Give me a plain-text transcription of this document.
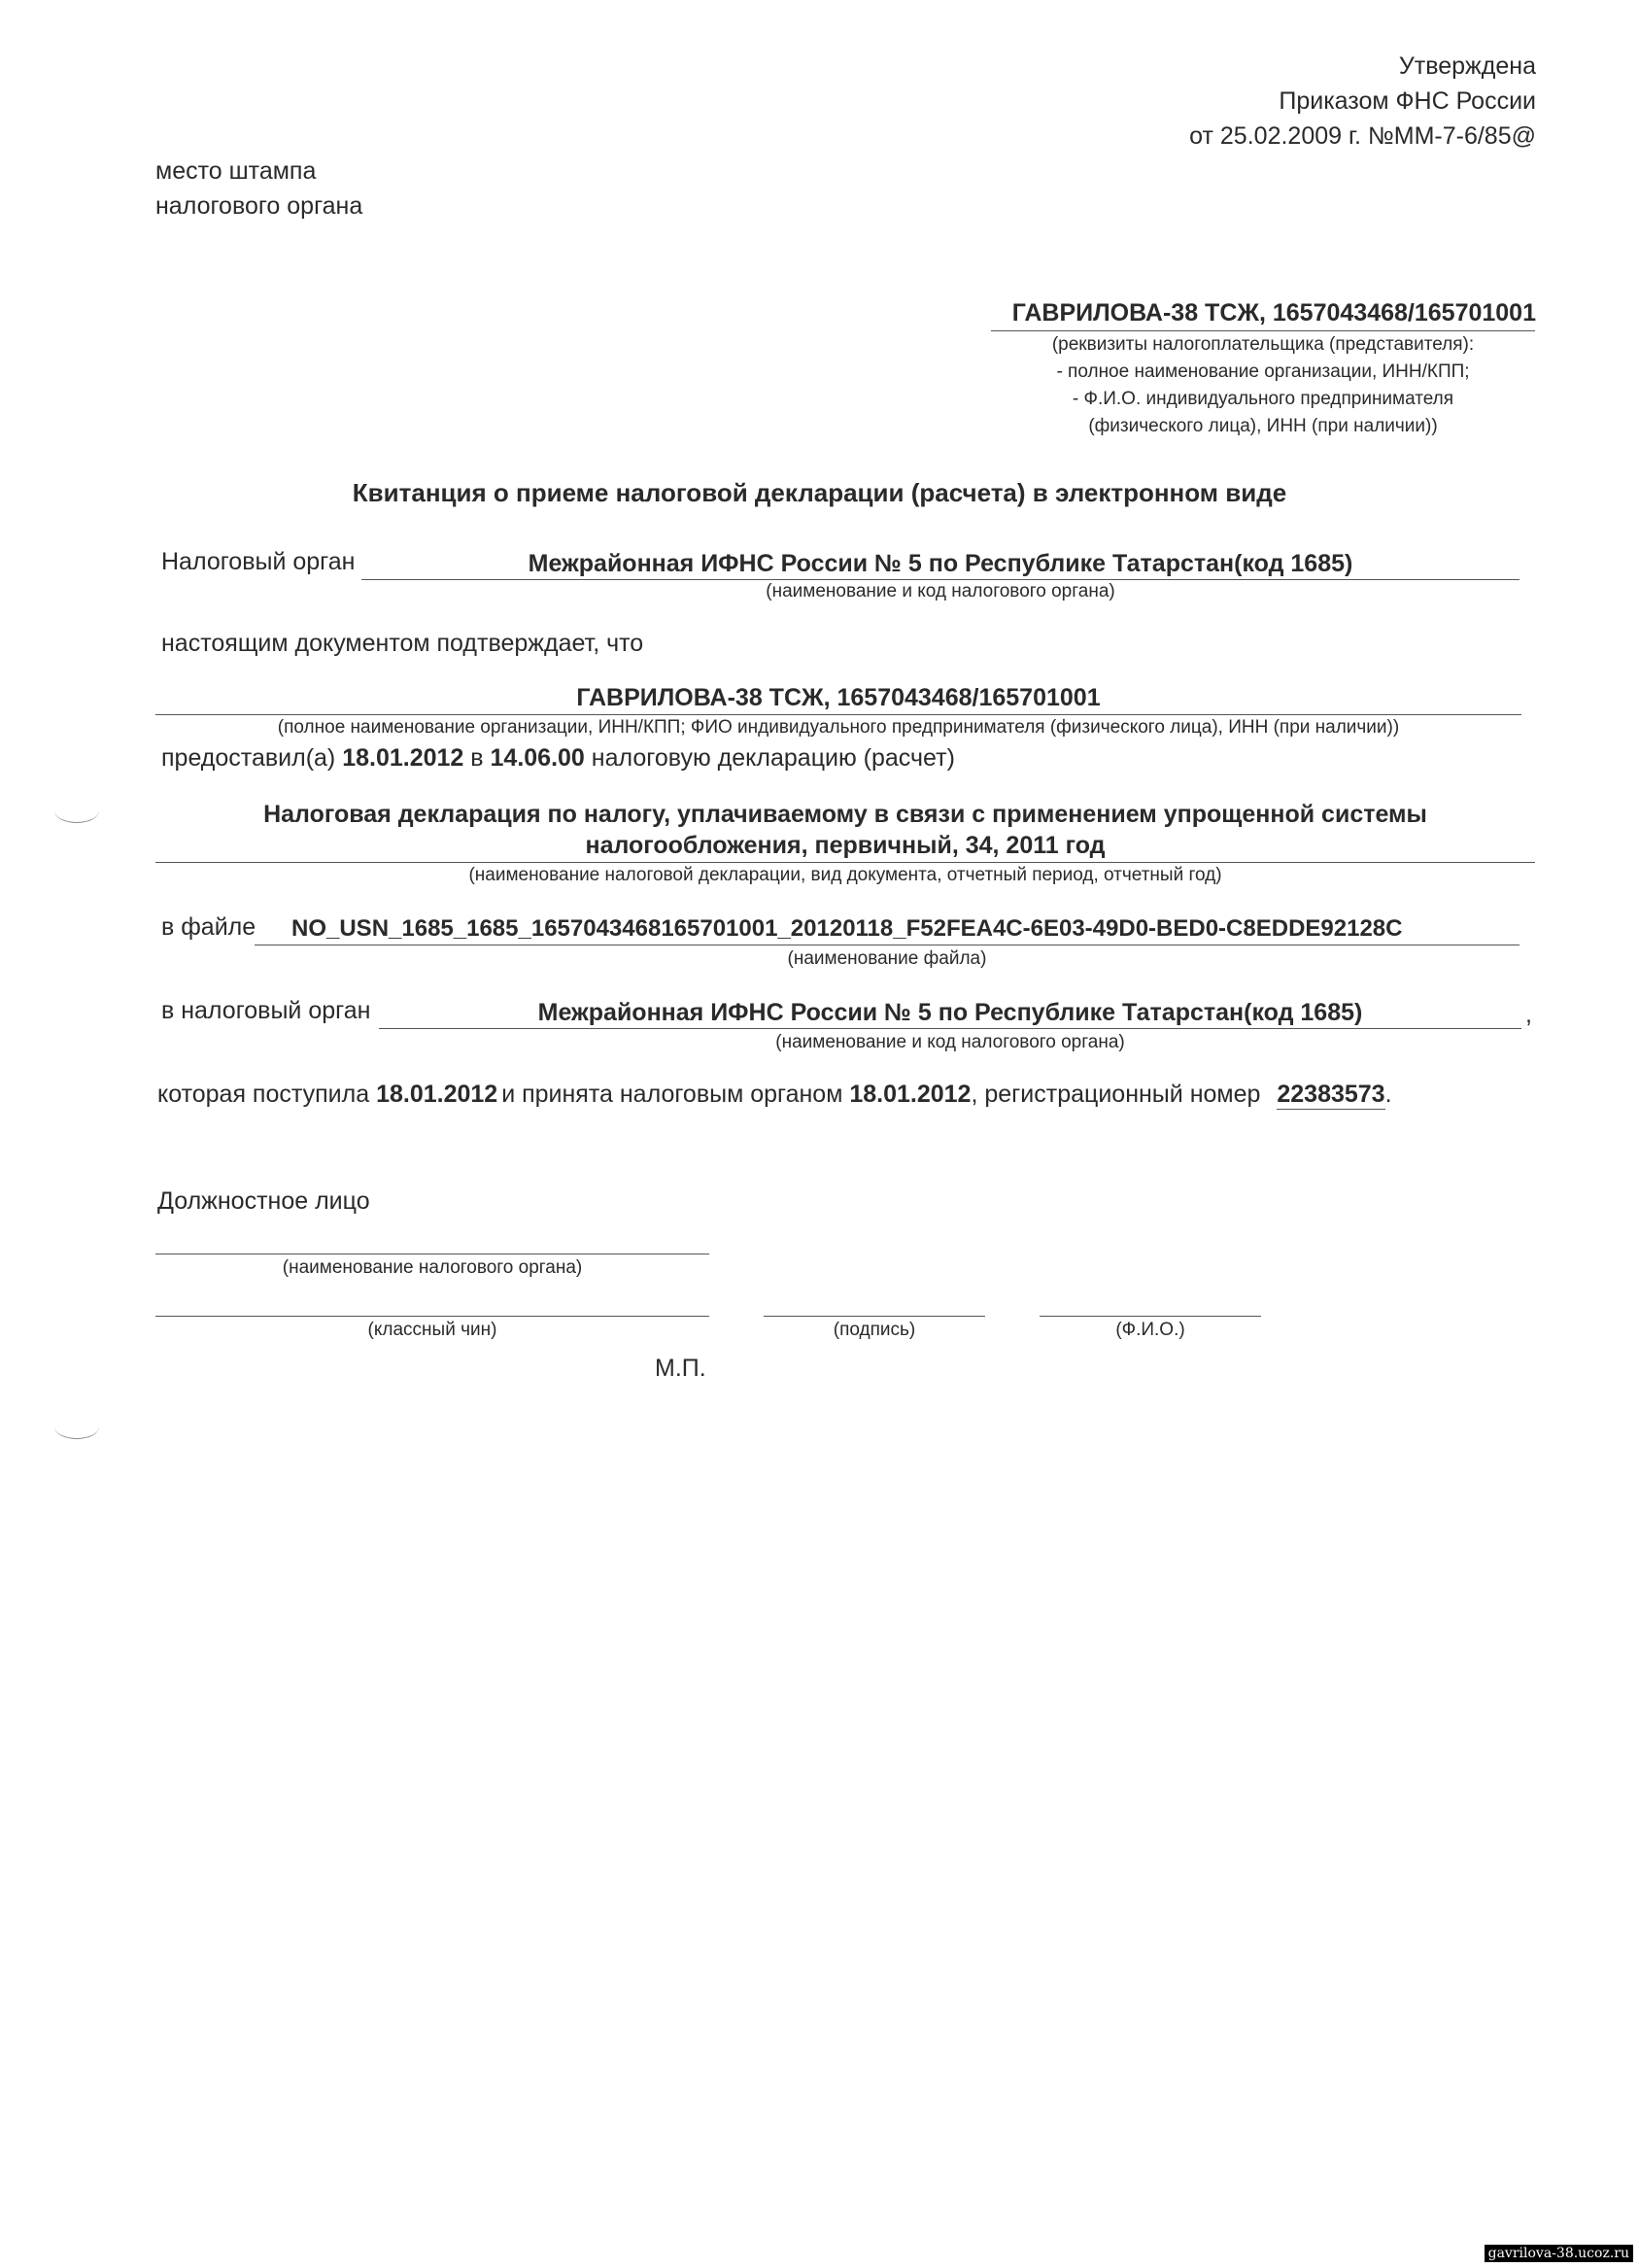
Утверждена
Приказом ФНС России
от 25.02.2009 г. №ММ-7-6/85@
место штампа
налогового органа
ГАВРИЛОВА-38 ТСЖ, 1657043468/165701001
(реквизиты налогоплательщика (представителя):
- полное наименование организации, ИНН/КПП;
- Ф.И.О. индивидуального предпринимателя
(физического лица), ИНН (при наличии))
Квитанция о приеме налоговой декларации (расчета) в электронном виде
Налоговый орган	Межрайонная ИФНС России № 5 по Республике Татарстан(код 1685)
(наименование и код налогового органа)
настоящим документом подтверждает, что
ГАВРИЛОВА-38 ТСЖ, 1657043468/165701001
(полное наименование организации, ИНН/КПП; ФИО индивидуального предпринимателя (физического лица), ИНН (при наличии))
предоставил(а) 18.01.2012 в 14.06.00 налоговую декларацию (расчет)
Налоговая декларация по налогу, уплачиваемому в связи с применением упрощенной системы
налогообложения, первичный, 34, 2011 год
(наименование налоговой декларации, вид документа, отчетный период, отчетный год)
в файле NO_USN_1685_1685_1657043468165701001_20120118_F52FEA4C-6E03-49D0-BED0-C8EDDE92128C
(наименование файла)
в налоговый орган	Межрайонная ИФНС России № 5 по Республике Татарстан(код 1685)	,
(наименование и код налогового органа)
которая поступила 18.01.2012 и принята налоговым органом 18.01.2012, регистрационный номер 22383573.
Должностное лицо
(наименование налогового органа)
(классный чин)	(подпись)	(Ф.И.О.)
М.П.
gavrilova-38.ucoz.ru
